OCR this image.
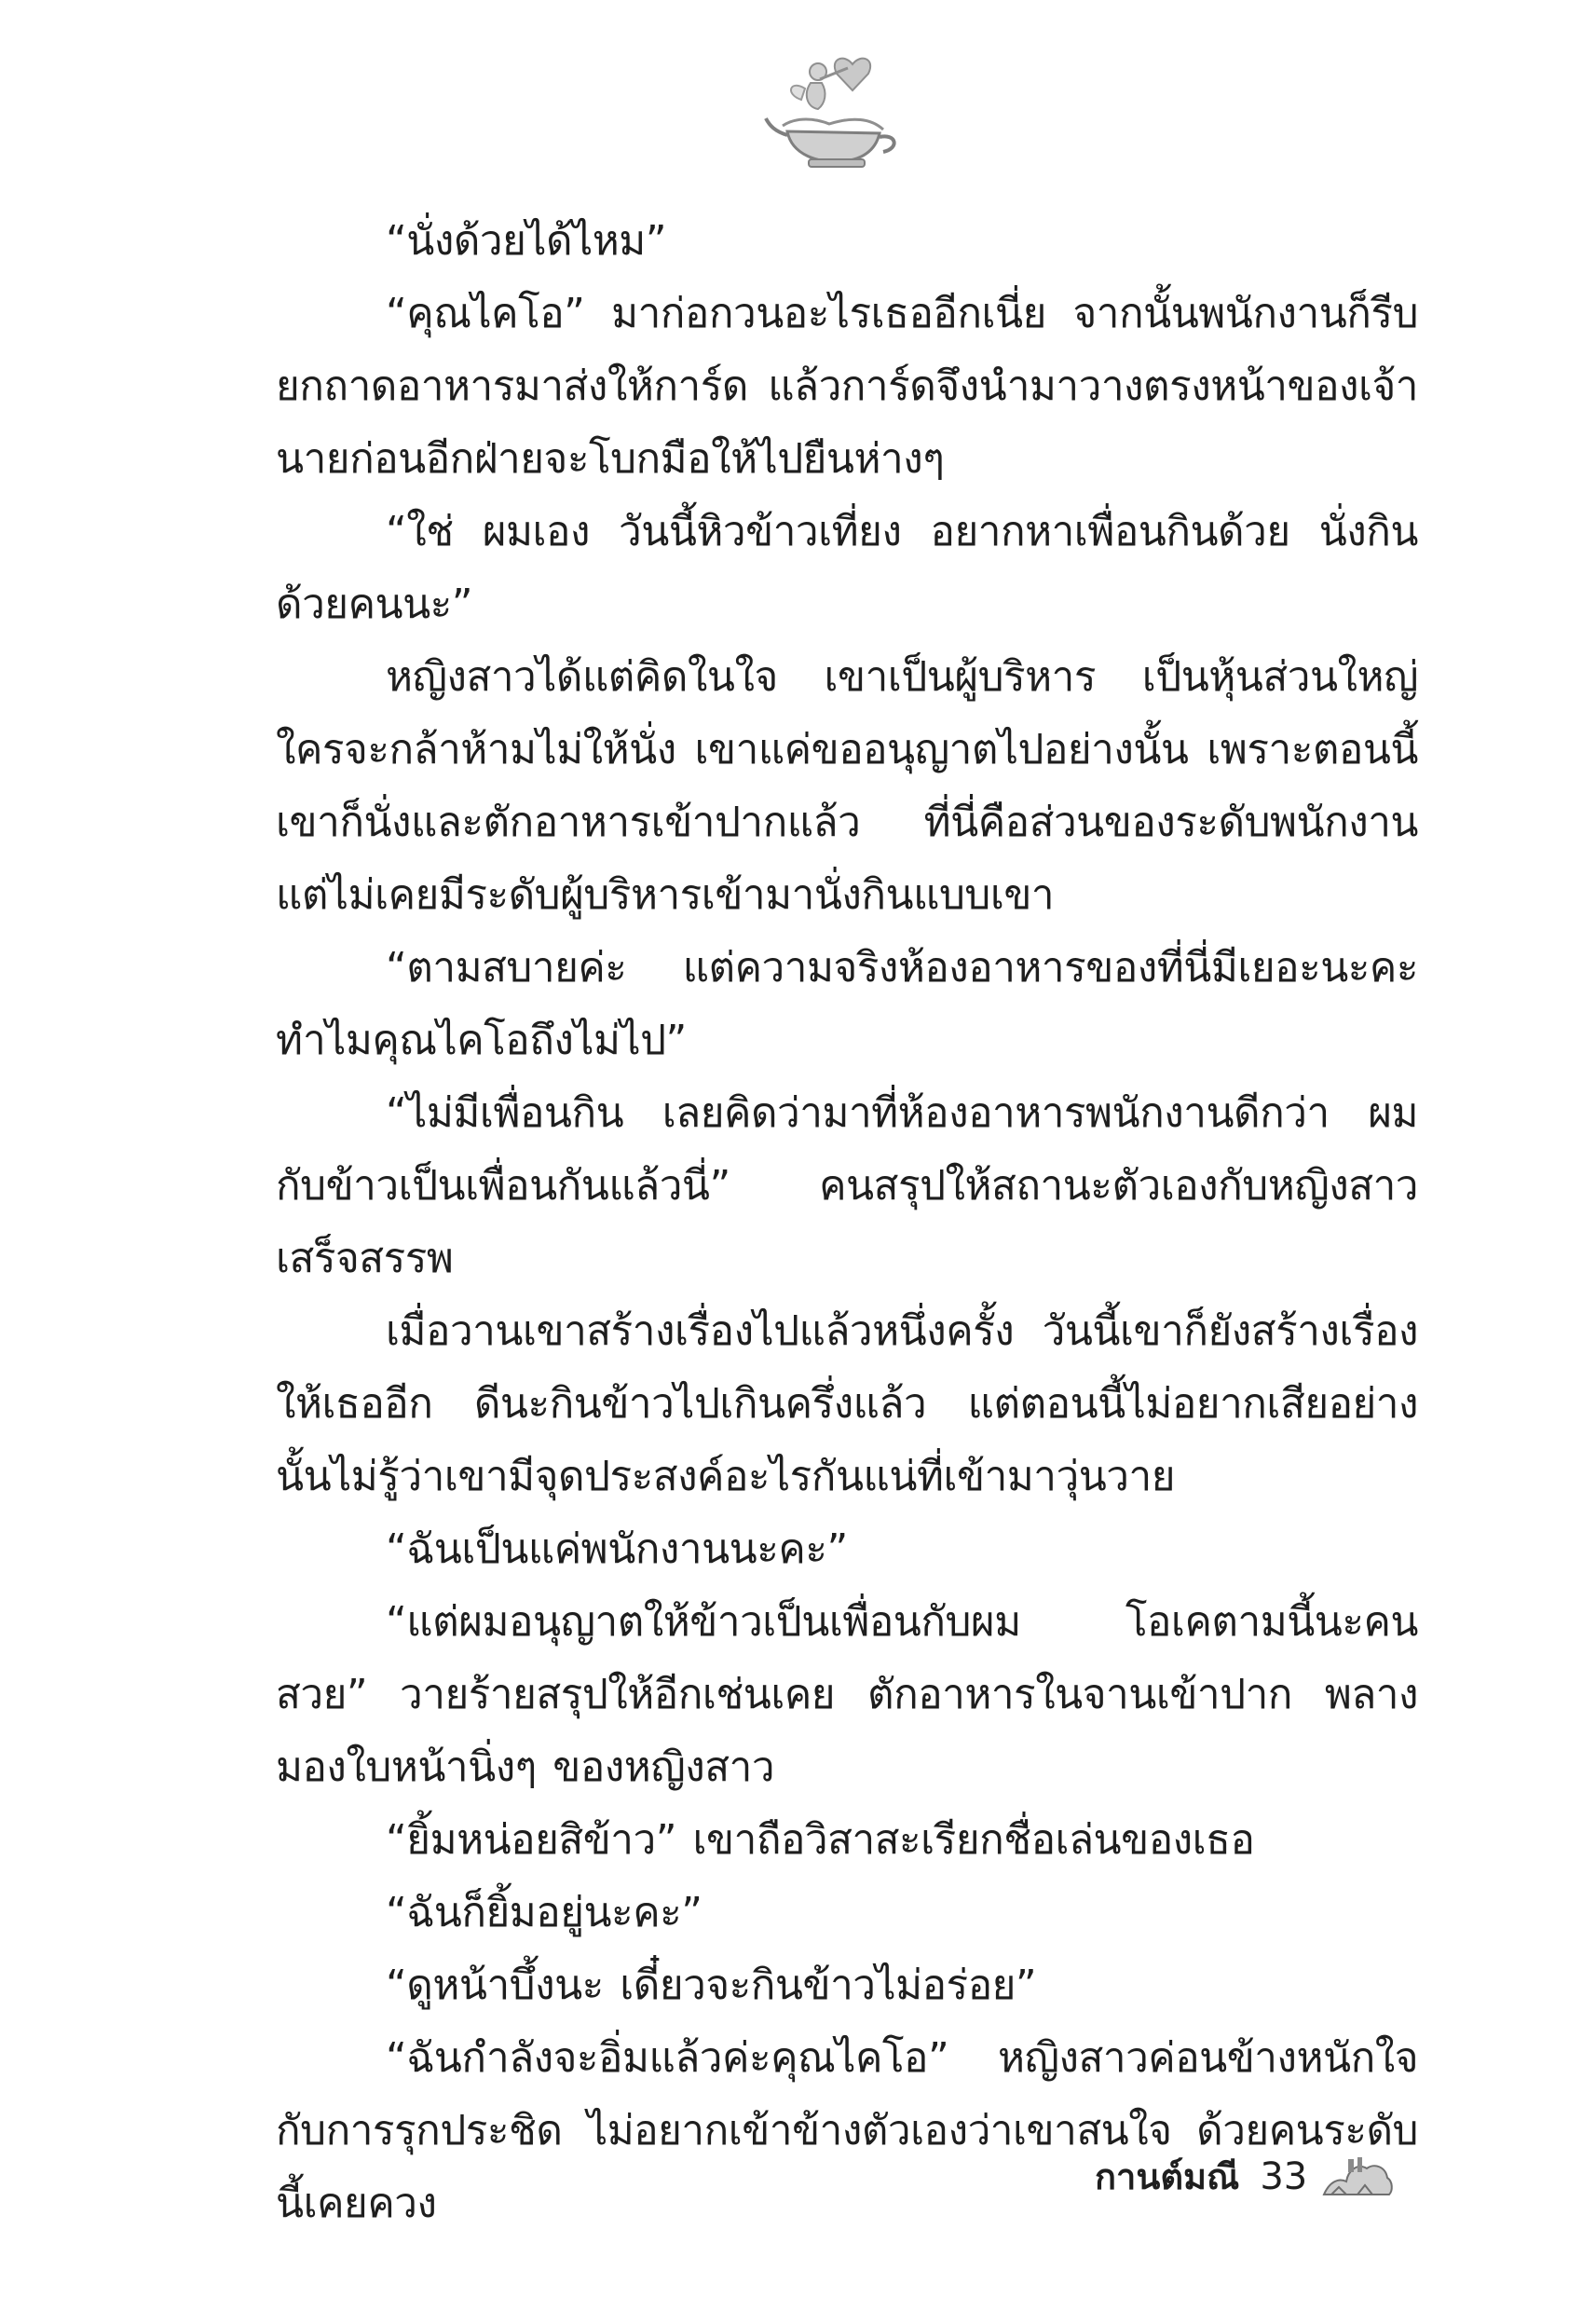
“นั่งด้วยได้ไหม”

“คุณไคโอ” มาก่อกวนอะไรเธออีกเนี่ย จากนั้นพนักงานก็รีบยกถาดอาหารมาส่งให้การ์ด แล้วการ์ดจึงนำมาวางตรงหน้าของเจ้านายก่อนอีกฝ่ายจะโบกมือให้ไปยืนห่างๆ

“ใช่ ผมเอง วันนี้หิวข้าวเที่ยง อยากหาเพื่อนกินด้วย นั่งกินด้วยคนนะ”

หญิงสาวได้แต่คิดในใจ เขาเป็นผู้บริหาร เป็นหุ้นส่วนใหญ่ ใครจะกล้าห้ามไม่ให้นั่ง เขาแค่ขออนุญาตไปอย่างนั้น เพราะตอนนี้เขาก็นั่งและตักอาหารเข้าปากแล้ว ที่นี่คือส่วนของระดับพนักงาน แต่ไม่เคยมีระดับผู้บริหารเข้ามานั่งกินแบบเขา

“ตามสบายค่ะ แต่ความจริงห้องอาหารของที่นี่มีเยอะนะคะ ทำไมคุณไคโอถึงไม่ไป”

“ไม่มีเพื่อนกิน เลยคิดว่ามาที่ห้องอาหารพนักงานดีกว่า ผมกับข้าวเป็นเพื่อนกันแล้วนี่” คนสรุปให้สถานะตัวเองกับหญิงสาวเสร็จสรรพ

เมื่อวานเขาสร้างเรื่องไปแล้วหนึ่งครั้ง วันนี้เขาก็ยังสร้างเรื่องให้เธออีก ดีนะกินข้าวไปเกินครึ่งแล้ว แต่ตอนนี้ไม่อยากเสียอย่างนั้นไม่รู้ว่าเขามีจุดประสงค์อะไรกันแน่ที่เข้ามาวุ่นวาย

“ฉันเป็นแค่พนักงานนะคะ”

“แต่ผมอนุญาตให้ข้าวเป็นเพื่อนกับผม โอเคตามนี้นะคนสวย” วายร้ายสรุปให้อีกเช่นเคย ตักอาหารในจานเข้าปาก พลางมองใบหน้านิ่งๆ ของหญิงสาว

“ยิ้มหน่อยสิข้าว” เขาถือวิสาสะเรียกชื่อเล่นของเธอ

“ฉันก็ยิ้มอยู่นะคะ”

“ดูหน้าบึ้งนะ เดี๋ยวจะกินข้าวไม่อร่อย”

“ฉันกำลังจะอิ่มแล้วค่ะคุณไคโอ” หญิงสาวค่อนข้างหนักใจกับการรุกประชิด ไม่อยากเข้าข้างตัวเองว่าเขาสนใจ ด้วยคนระดับนี้เคยควง

กานต์มณี 33
